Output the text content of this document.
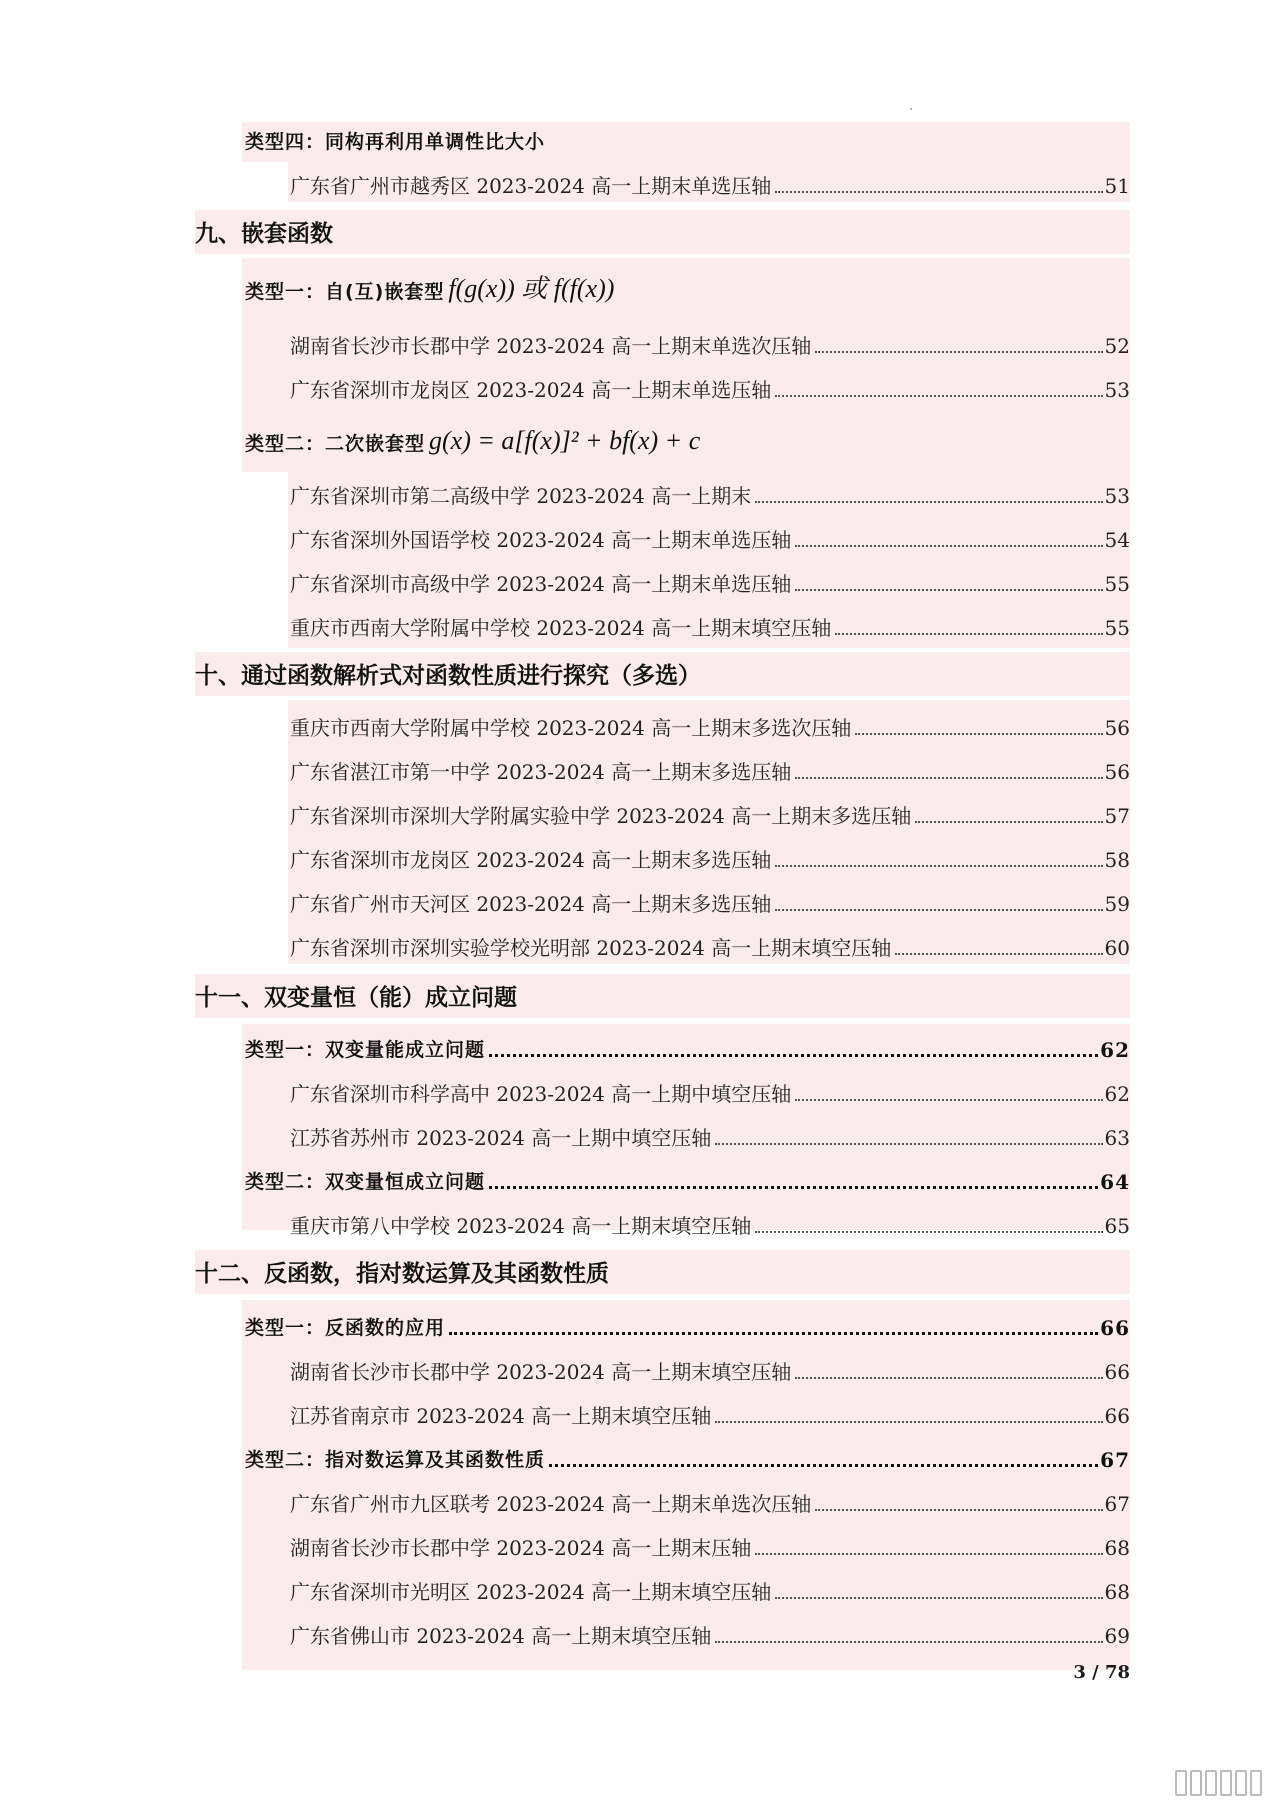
类型四：同构再利用单调性比大小
广东省广州市越秀区 2023-2024 高一上期末单选压轴	51
九、嵌套函数
类型一：自(互)嵌套型 f(g(x)) 或 f(f(x))
湖南省长沙市长郡中学 2023-2024 高一上期末单选次压轴	52
广东省深圳市龙岗区 2023-2024 高一上期末单选压轴	53
类型二：二次嵌套型 g(x) = a[f(x)]² + bf(x) + c
广东省深圳市第二高级中学 2023-2024 高一上期末	53
广东省深圳外国语学校 2023-2024 高一上期末单选压轴	54
广东省深圳市高级中学 2023-2024 高一上期末单选压轴	55
重庆市西南大学附属中学校 2023-2024 高一上期末填空压轴	55
十、通过函数解析式对函数性质进行探究（多选）
重庆市西南大学附属中学校 2023-2024 高一上期末多选次压轴	56
广东省湛江市第一中学 2023-2024 高一上期末多选压轴	56
广东省深圳市深圳大学附属实验中学 2023-2024 高一上期末多选压轴	57
广东省深圳市龙岗区 2023-2024 高一上期末多选压轴	58
广东省广州市天河区 2023-2024 高一上期末多选压轴	59
广东省深圳市深圳实验学校光明部 2023-2024 高一上期末填空压轴	60
十一、双变量恒（能）成立问题
类型一：双变量能成立问题	62
广东省深圳市科学高中 2023-2024 高一上期中填空压轴	62
江苏省苏州市 2023-2024 高一上期中填空压轴	63
类型二：双变量恒成立问题	64
重庆市第八中学校 2023-2024 高一上期末填空压轴	65
十二、反函数，指对数运算及其函数性质
类型一：反函数的应用	66
湖南省长沙市长郡中学 2023-2024 高一上期末填空压轴	66
江苏省南京市 2023-2024 高一上期末填空压轴	66
类型二：指对数运算及其函数性质	67
广东省广州市九区联考 2023-2024 高一上期末单选次压轴	67
湖南省长沙市长郡中学 2023-2024 高一上期末压轴	68
广东省深圳市光明区 2023-2024 高一上期末填空压轴	68
广东省佛山市 2023-2024 高一上期末填空压轴	69
3 / 78
